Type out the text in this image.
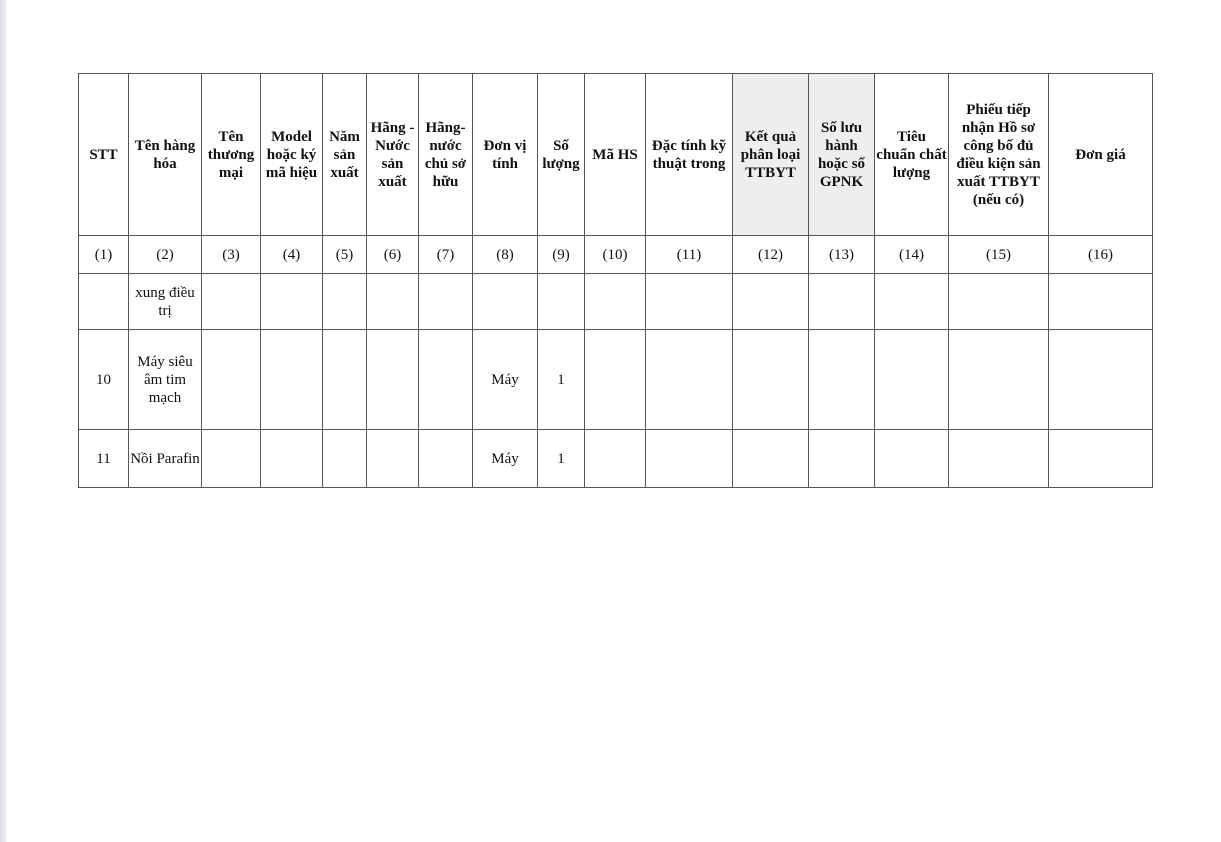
STT	Tên hàng hóa	Tên thương mại	Model hoặc ký mã hiệu	Năm sản xuất	Hãng - Nước sản xuất	Hãng- nước chủ sở hữu	Đơn vị tính	Số lượng	Mã HS	Đặc tính kỹ thuật trong	Kết quả phân loại TTBYT	Số lưu hành hoặc số GPNK	Tiêu chuẩn chất lượng	Phiếu tiếp nhận Hồ sơ công bố đủ điều kiện sản xuất TTBYT (nếu có)	Đơn giá
(1)	(2)	(3)	(4)	(5)	(6)	(7)	(8)	(9)	(10)	(11)	(12)	(13)	(14)	(15)	(16)
	xung điều trị														
10	Máy siêu âm tim mạch						Máy	1							
11	Nồi Parafin						Máy	1							
